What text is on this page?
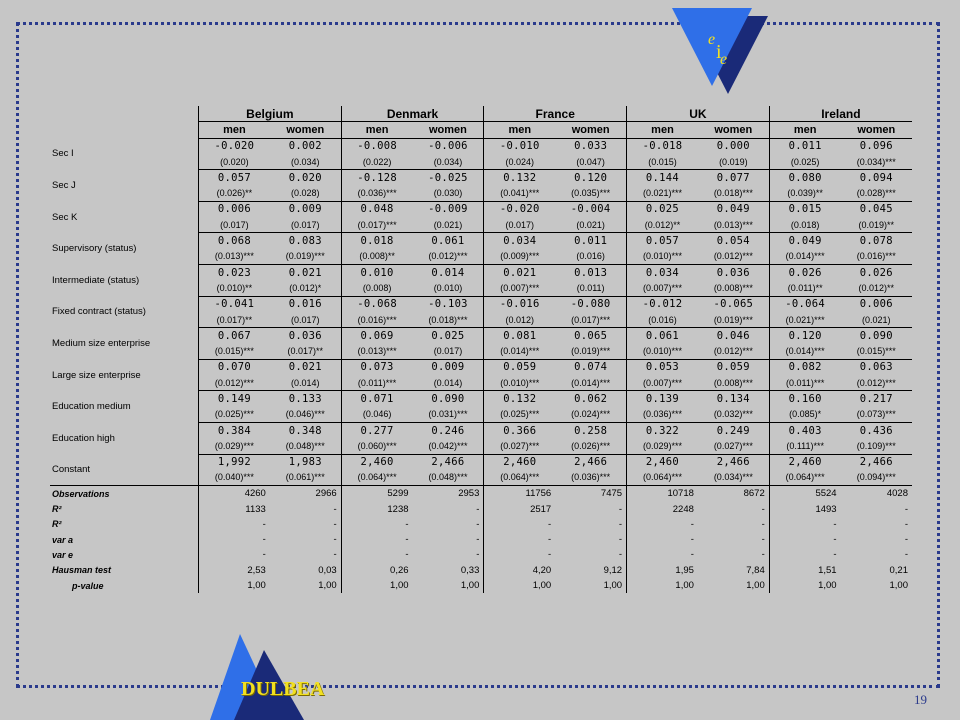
e
i
e
DULBEA	19
	Belgium		Denmark		France		UK		Ireland	
	men	women	men	women	men	women	men	women	men	women
Sec I	-0.020	0.002	-0.008	-0.006	-0.010	0.033	-0.018	0.000	0.011	0.096
	(0.020)	(0.034)	(0.022)	(0.034)	(0.024)	(0.047)	(0.015)	(0.019)	(0.025)	(0.034)***
Sec J	0.057	0.020	-0.128	-0.025	0.132	0.120	0.144	0.077	0.080	0.094
	(0.026)**	(0.028)	(0.036)***	(0.030)	(0.041)***	(0.035)***	(0.021)***	(0.018)***	(0.039)**	(0.028)***
Sec K	0.006	0.009	0.048	-0.009	-0.020	-0.004	0.025	0.049	0.015	0.045
	(0.017)	(0.017)	(0.017)***	(0.021)	(0.017)	(0.021)	(0.012)**	(0.013)***	(0.018)	(0.019)**
Supervisory (status)	0.068	0.083	0.018	0.061	0.034	0.011	0.057	0.054	0.049	0.078
	(0.013)***	(0.019)***	(0.008)**	(0.012)***	(0.009)***	(0.016)	(0.010)***	(0.012)***	(0.014)***	(0.016)***
Intermediate (status)	0.023	0.021	0.010	0.014	0.021	0.013	0.034	0.036	0.026	0.026
	(0.010)**	(0.012)*	(0.008)	(0.010)	(0.007)***	(0.011)	(0.007)***	(0.008)***	(0.011)**	(0.012)**
Fixed contract (status)	-0.041	0.016	-0.068	-0.103	-0.016	-0.080	-0.012	-0.065	-0.064	0.006
	(0.017)**	(0.017)	(0.016)***	(0.018)***	(0.012)	(0.017)***	(0.016)	(0.019)***	(0.021)***	(0.021)
Medium size enterprise	0.067	0.036	0.069	0.025	0.081	0.065	0.061	0.046	0.120	0.090
	(0.015)***	(0.017)**	(0.013)***	(0.017)	(0.014)***	(0.019)***	(0.010)***	(0.012)***	(0.014)***	(0.015)***
Large size enterprise	0.070	0.021	0.073	0.009	0.059	0.074	0.053	0.059	0.082	0.063
	(0.012)***	(0.014)	(0.011)***	(0.014)	(0.010)***	(0.014)***	(0.007)***	(0.008)***	(0.011)***	(0.012)***
Education medium	0.149	0.133	0.071	0.090	0.132	0.062	0.139	0.134	0.160	0.217
	(0.025)***	(0.046)***	(0.046)	(0.031)***	(0.025)***	(0.024)***	(0.036)***	(0.032)***	(0.085)*	(0.073)***
Education high	0.384	0.348	0.277	0.246	0.366	0.258	0.322	0.249	0.403	0.436
	(0.029)***	(0.048)***	(0.060)***	(0.042)***	(0.027)***	(0.026)***	(0.029)***	(0.027)***	(0.111)***	(0.109)***
Constant	1,992	1,983	2,460	2,466	2,460	2,466	2,460	2,466	2,460	2,466
	(0.040)***	(0.061)***	(0.064)***	(0.048)***	(0.064)***	(0.036)***	(0.064)***	(0.034)***	(0.064)***	(0.094)***
Observations	4260	2966	5299	2953	11756	7475	10718	8672	5524	4028
R²	1133	-	1238	-	2517	-	2248	-	1493	-
R²	-	-	-	-	-	-	-	-	-	-
var a	-	-	-	-	-	-	-	-	-	-
var e	-	-	-	-	-	-	-	-	-	-
Hausman test	2,53	0,03	0,26	0,33	4,20	9,12	1,95	7,84	1,51	0,21
p-value	1,00	1,00	1,00	1,00	1,00	1,00	1,00	1,00	1,00	1,00
